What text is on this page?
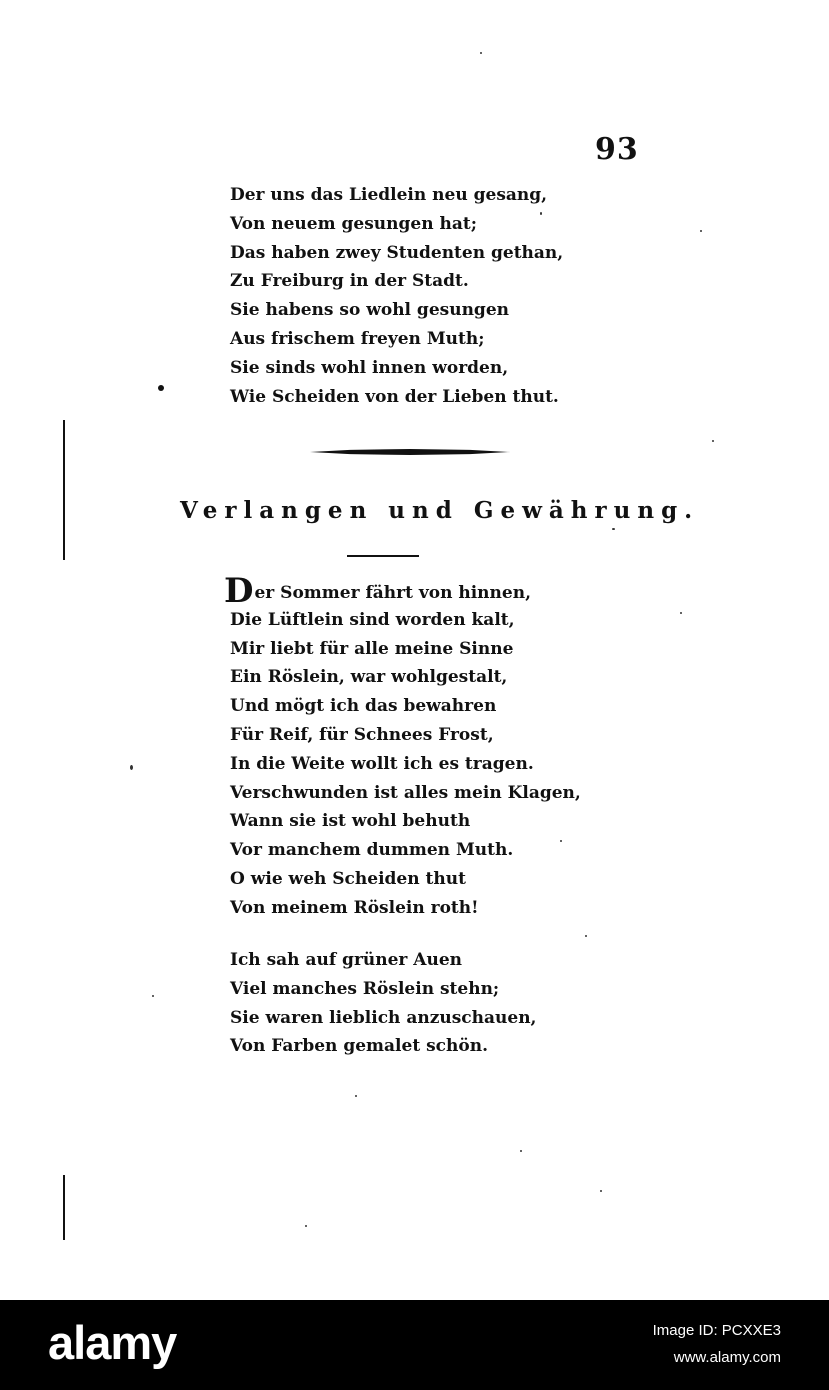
93
Der uns das Liedlein neu gesang,
Von neuem gesungen hat;
Das haben zwey Studenten gethan,
Zu Freiburg in der Stadt.
Sie habens so wohl gesungen
Aus frischem freyen Muth;
Sie sinds wohl innen worden,
Wie Scheiden von der Lieben thut.
Verlangen und Gewährung.
Der Sommer fährt von hinnen,
Die Lüftlein sind worden kalt,
Mir liebt für alle meine Sinne
Ein Röslein, war wohlgestalt,
Und mögt ich das bewahren
Für Reif, für Schnees Frost,
In die Weite wollt ich es tragen.
Verschwunden ist alles mein Klagen,
Wann sie ist wohl behuth
Vor manchem dummen Muth.
O wie weh Scheiden thut
Von meinem Röslein roth!
Ich sah auf grüner Auen
Viel manches Röslein stehn;
Sie waren lieblich anzuschauen,
Von Farben gemalet schön.
alamy	Image ID: PCXXE3
www.alamy.com
